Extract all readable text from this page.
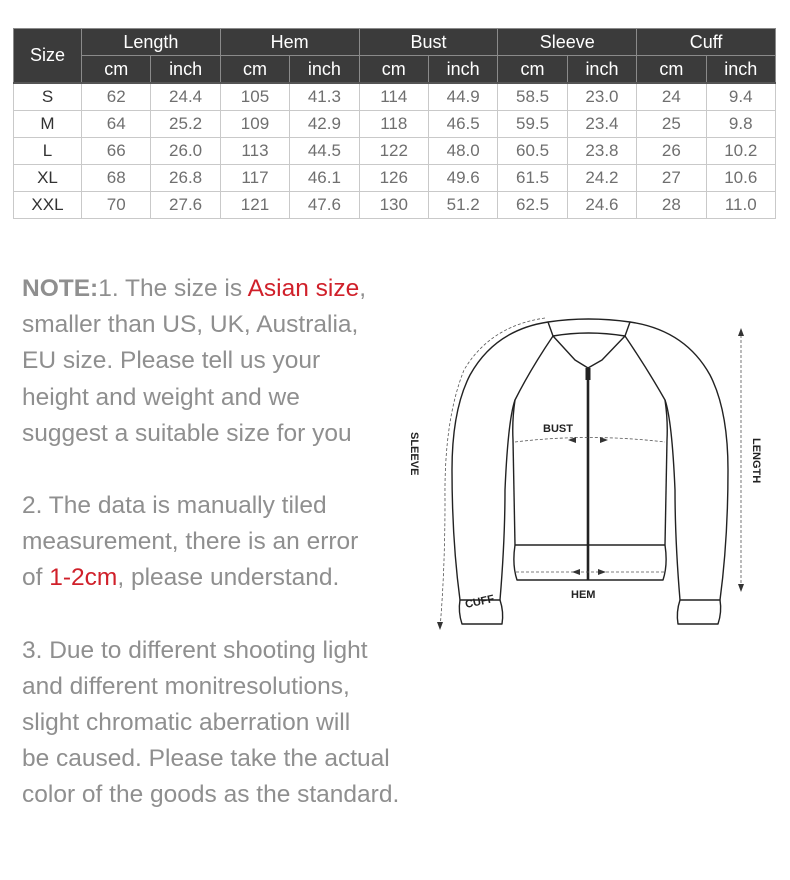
Size	Length		Hem		Bust		Sleeve		Cuff	
	cm	inch	cm	inch	cm	inch	cm	inch	cm	inch
S	62	24.4	105	41.3	114	44.9	58.5	23.0	24	9.4
M	64	25.2	109	42.9	118	46.5	59.5	23.4	25	9.8
L	66	26.0	113	44.5	122	48.0	60.5	23.8	26	10.2
XL	68	26.8	117	46.1	126	49.6	61.5	24.2	27	10.6
XXL	70	27.6	121	47.6	130	51.2	62.5	24.6	28	11.0

NOTE:1. The size is Asian size,
smaller than US, UK, Australia,
EU size. Please tell us your
height and weight and we
suggest a suitable size for you

2. The data is manually tiled
measurement, there is an error
of 1-2cm, please understand.

3. Due to different shooting light
and different monitresolutions,
slight chromatic aberration will
be caused. Please take the actual
color of the goods as the standard.

BUST
HEM
SLEEVE	LENGTH
CUFF
